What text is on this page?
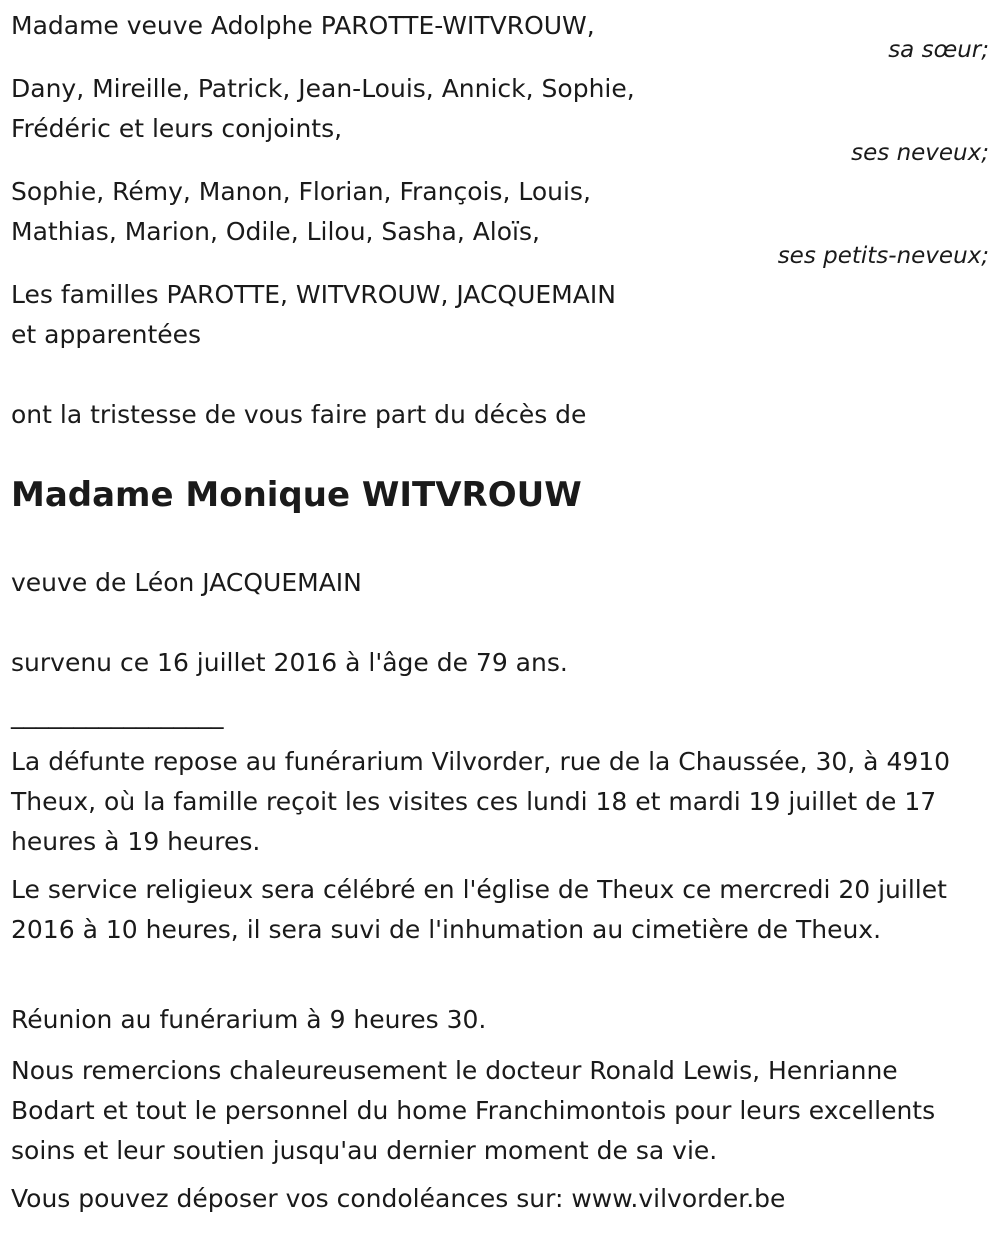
Madame veuve Adolphe PAROTTE-WITVROUW,
sa sœur;
Dany, Mireille, Patrick, Jean-Louis, Annick, Sophie,
Frédéric et leurs conjoints,
ses neveux;
Sophie, Rémy, Manon, Florian, François, Louis,
Mathias, Marion, Odile, Lilou, Sasha, Aloïs,
ses petits-neveux;
Les familles PAROTTE, WITVROUW, JACQUEMAIN
et apparentées
ont la tristesse de vous faire part du décès de
Madame Monique WITVROUW
veuve de Léon JACQUEMAIN
survenu ce 16 juillet 2016 à l'âge de 79 ans.
_________________
La défunte repose au funérarium Vilvorder, rue de la Chaussée, 30, à 4910 Theux, où la famille reçoit les visites ces lundi 18 et mardi 19 juillet de 17 heures à 19 heures.
Le service religieux sera célébré en l'église de Theux ce mercredi 20 juillet 2016 à 10 heures, il sera suvi de l'inhumation au cimetière de Theux.
Réunion au funérarium à 9 heures 30.
Nous remercions chaleureusement le docteur Ronald Lewis, Henrianne Bodart et tout le personnel du home Franchimontois pour leurs excellents soins et leur soutien jusqu'au dernier moment de sa vie.
Vous pouvez déposer vos condoléances sur: www.vilvorder.be
